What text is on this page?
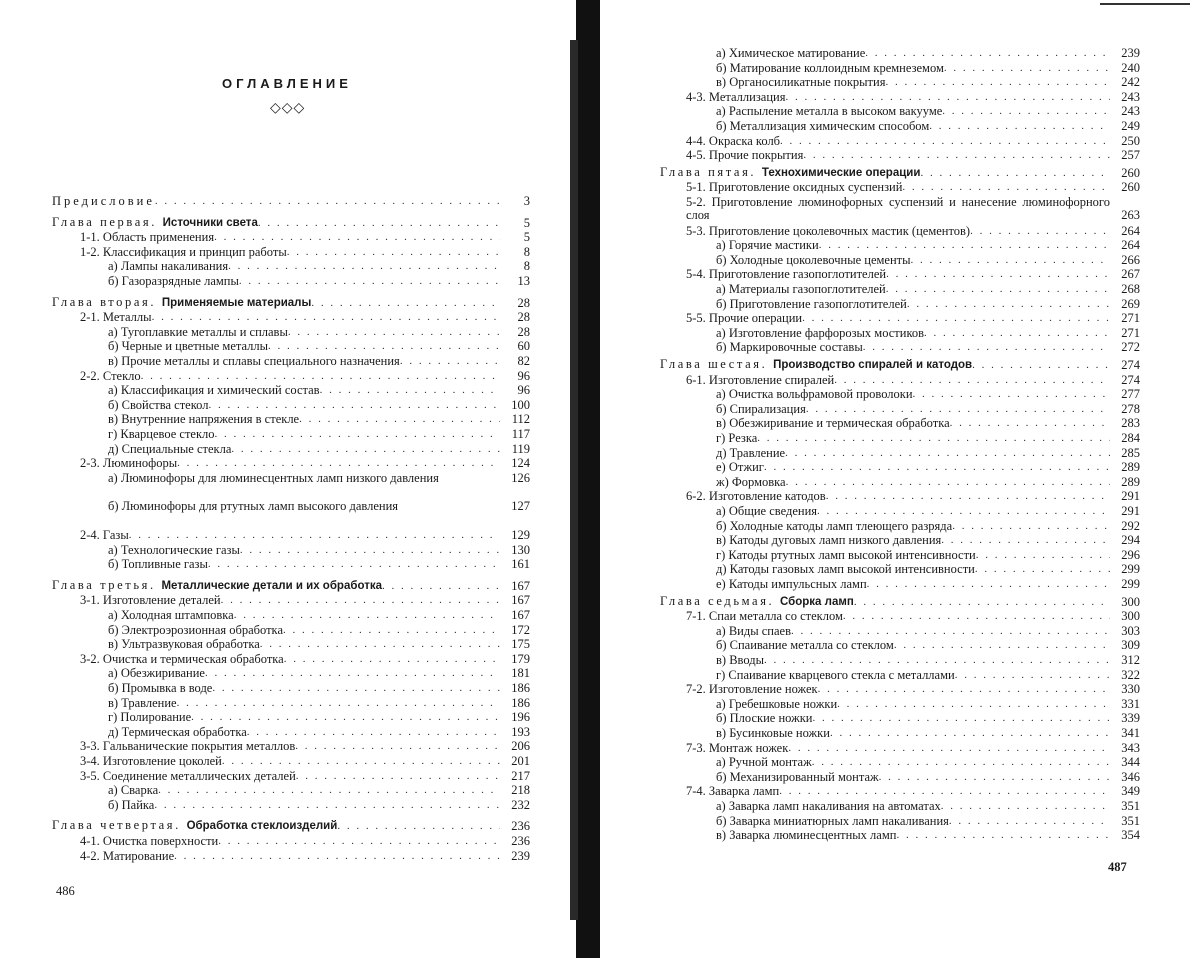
ОГЛАВЛЕНИЕ
◇◇◇
Предисловие . . .	3
Глава первая. Источники света . . .	5
1-1. Область применения . . .	5
1-2. Классификация и принцип работы . . .	8
а) Лампы накаливания . . .	8
б) Газоразрядные лампы . . .	13
Глава вторая. Применяемые материалы . . .	28
2-1. Металлы . . .	28
а) Тугоплавкие металлы и сплавы . . .	28
б) Черные и цветные металлы . . .	60
в) Прочие металлы и сплавы специального назначения . . .	82
2-2. Стекло . . .	96
а) Классификация и химический состав . . .	96
б) Свойства стекол . . .	100
в) Внутренние напряжения в стекле . . .	112
г) Кварцевое стекло . . .	117
д) Специальные стекла . . .	119
2-3. Люминофоры . . .	124
а) Люминофоры для люминесцентных ламп низкого давления	126
б) Люминофоры для ртутных ламп высокого давления	127
2-4. Газы . . .	129
а) Технологические газы . . .	130
б) Топливные газы . . .	161
Глава третья. Металлические детали и их обработка . . .	167
3-1. Изготовление деталей . . .	167
а) Холодная штамповка . . .	167
б) Электроэрозионная обработка . . .	172
в) Ультразвуковая обработка . . .	175
3-2. Очистка и термическая обработка . . .	179
а) Обезжиривание . . .	181
б) Промывка в воде . . .	186
в) Травление . . .	186
г) Полирование . . .	196
д) Термическая обработка . . .	193
3-3. Гальванические покрытия металлов . . .	206
3-4. Изготовление цоколей . . .	201
3-5. Соединение металлических деталей . . .	217
а) Сварка . . .	218
б) Пайка . . .	232
Глава четвертая. Обработка стеклоизделий . . .	236
4-1. Очистка поверхности . . .	236
4-2. Матирование . . .	239
486
а) Химическое матирование . . .	239
б) Матирование коллоидным кремнеземом . . .	240
в) Органосиликатные покрытия . . .	242
4-3. Металлизация . . .	243
а) Распыление металла в высоком вакууме . . .	243
б) Металлизация химическим способом . . .	249
4-4. Окраска колб . . .	250
4-5. Прочие покрытия . . .	257
Глава пятая. Технохимические операции . . .	260
5-1. Приготовление оксидных суспензий . . .	260
5-2. Приготовление люминофорных суспензий и нанесение люминофорного слоя	263
5-3. Приготовление цоколевочных мастик (цементов) . . .	264
а) Горячие мастики . . .	264
б) Холодные цоколевочные цементы . . .	266
5-4. Приготовление газопоглотителей . . .	267
а) Материалы газопоглотителей . . .	268
б) Приготовление газопоглотителей . . .	269
5-5. Прочие операции . . .	271
а) Изготовление фарфорозых мостиков . . .	271
б) Маркировочные составы . . .	272
Глава шестая. Производство спиралей и катодов . . .	274
6-1. Изготовление спиралей . . .	274
а) Очистка вольфрамовой проволоки . . .	277
б) Спирализация . . .	278
в) Обезжиривание и термическая обработка . . .	283
г) Резка . . .	284
д) Травление . . .	285
е) Отжиг . . .	289
ж) Формовка . . .	289
6-2. Изготовление катодов . . .	291
а) Общие сведения . . .	291
б) Холодные катоды ламп тлеющего разряда . . .	292
в) Катоды дуговых ламп низкого давления . . .	294
г) Катоды ртутных ламп высокой интенсивности . . .	296
д) Катоды газовых ламп высокой интенсивности . . .	299
е) Катоды импульсных ламп . . .	299
Глава седьмая. Сборка ламп . . .	300
7-1. Спаи металла со стеклом . . .	300
а) Виды спаев . . .	303
б) Спаивание металла со стеклом . . .	309
в) Вводы . . .	312
г) Спаивание кварцевого стекла с металлами . . .	322
7-2. Изготовление ножек . . .	330
а) Гребешковые ножки . . .	331
б) Плоские ножки . . .	339
в) Бусинковые ножки . . .	341
7-3. Монтаж ножек . . .	343
а) Ручной монтаж . . .	344
б) Механизированный монтаж . . .	346
7-4. Заварка ламп . . .	349
а) Заварка ламп накаливания на автоматах . . .	351
б) Заварка миниатюрных ламп накаливания . . .	351
в) Заварка люминесцентных ламп . . .	354
487
